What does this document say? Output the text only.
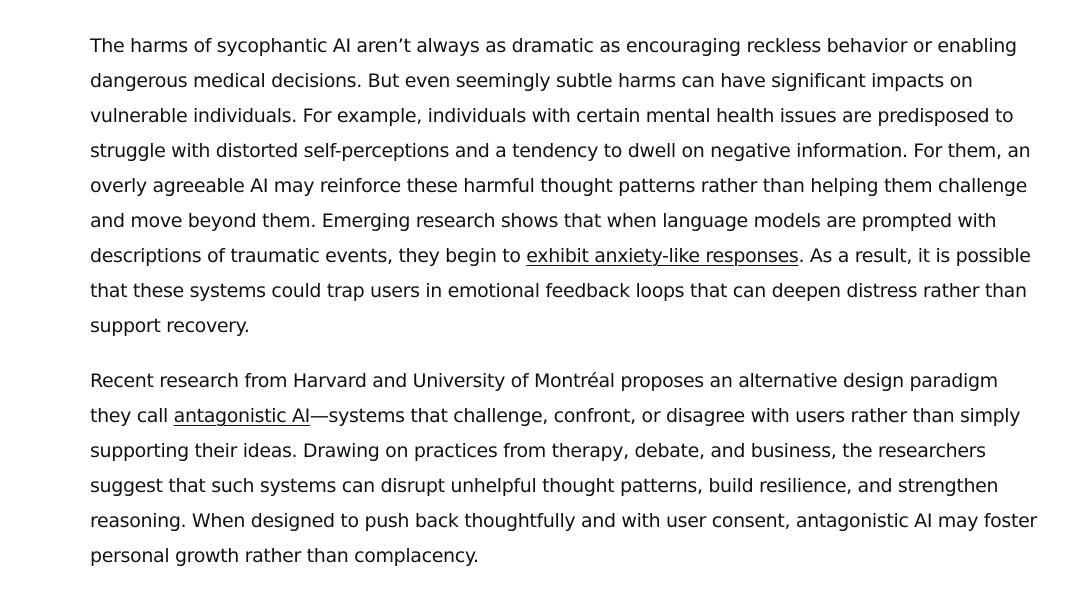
The harms of sycophantic AI aren’t always as dramatic as encouraging reckless behavior or enabling dangerous medical decisions. But even seemingly subtle harms can have significant impacts on vulnerable individuals. For example, individuals with certain mental health issues are predisposed to struggle with distorted self-perceptions and a tendency to dwell on negative information. For them, an overly agreeable AI may reinforce these harmful thought patterns rather than helping them challenge and move beyond them. Emerging research shows that when language models are prompted with descriptions of traumatic events, they begin to exhibit anxiety-like responses. As a result, it is possible that these systems could trap users in emotional feedback loops that can deepen distress rather than support recovery.

Recent research from Harvard and University of Montréal proposes an alternative design paradigm they call antagonistic AI—systems that challenge, confront, or disagree with users rather than simply supporting their ideas. Drawing on practices from therapy, debate, and business, the researchers suggest that such systems can disrupt unhelpful thought patterns, build resilience, and strengthen reasoning. When designed to push back thoughtfully and with user consent, antagonistic AI may foster personal growth rather than complacency.
